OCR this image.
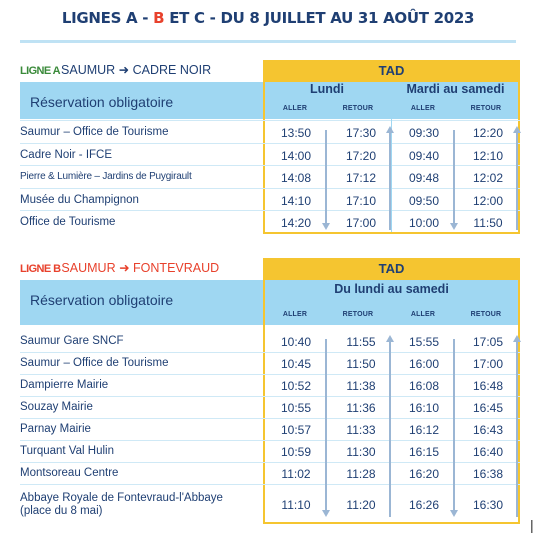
LIGNES A - B ET C - DU 8 JUILLET AU 31 AOÛT 2023
LIGNE ASAUMUR ➜ CADRE NOIR
Réservation obligatoire
Lundi	Mardi au samedi
ALLER	RETOUR	ALLER	RETOUR
TAD
Saumur – Office de Tourisme	13:50	17:30	09:30	12:20
Cadre Noir - IFCE	14:00	17:20	09:40	12:10
Pierre & Lumière – Jardins de Puygirault	14:08	17:12	09:48	12:02
Musée du Champignon	14:10	17:10	09:50	12:00
Office de Tourisme	14:20	17:00	10:00	11:50
LIGNE BSAUMUR ➜ FONTEVRAUD
Réservation obligatoire
Du lundi au samedi
ALLER	RETOUR	ALLER	RETOUR
TAD
Saumur Gare SNCF	10:40	11:55	15:55	17:05
Saumur – Office de Tourisme	10:45	11:50	16:00	17:00
Dampierre Mairie	10:52	11:38	16:08	16:48
Souzay Mairie	10:55	11:36	16:10	16:45
Parnay Mairie	10:57	11:33	16:12	16:43
Turquant Val Hulin	10:59	11:30	16:15	16:40
Montsoreau Centre	11:02	11:28	16:20	16:38
Abbaye Royale de Fontevraud-l'Abbaye (place du 8 mai)	11:10	11:20	16:26	16:30
|
